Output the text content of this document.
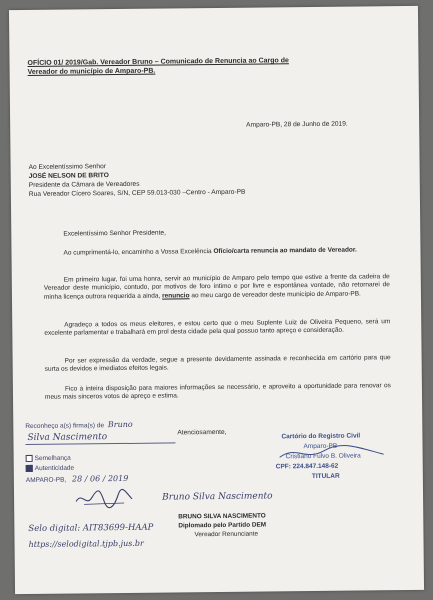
OFÍCIO 01/ 2019/Gab. Vereador Bruno – Comunicado de Renuncia ao Cargo de
Vereador do município de Amparo-PB.
Amparo-PB, 28 de Junho de 2019.
Ao Excelentíssimo Senhor
JOSÉ NELSON DE BRITO
Presidente da Câmara de Vereadores
Rua Vereador Cícero Soares, S/N, CEP 59.013-030 –Centro - Amparo-PB
Excelentíssimo Senhor Presidente,
Ao cumprimentá-lo, encaminho a Vossa Excelência Ofício/carta renuncia ao mandato de Vereador.
Em primeiro lugar, foi uma honra, servir ao município de Amparo pelo tempo que estive a frente da cadeira de Vereador deste município, contudo, por motivos de foro íntimo e por livre e espontânea vontade, não retornarei de minha licença outrora requerida a ainda, renuncio ao meu cargo de vereador deste município de Amparo-PB.
Agradeço a todos os meus eleitores, e estou certo que o meu Suplente Luiz de Oliveira Pequeno, será um excelente parlamentar e trabalhará em prol desta cidade pela qual possuo tanto apreço e consideração.
Por ser expressão da verdade, segue a presente devidamente assinada e reconhecida em cartório para que surta os devidos e imediatos efeitos legais.
Fico à inteira disposição para maiores informações se necessário, e aproveito a oportunidade para renovar os meus mais sinceros votos de apreço e estima.
Atenciosamente,
Reconheço a(s) firma(s) de Bruno
Silva Nascimento
Semelhança
Autenticidade
AMPARO-PB, 28 / 06 / 2019
Bruno Silva Nascimento
BRUNO SILVA NASCIMENTO
Diplomado pelo Partido DEM
Vereador Renunciante
Selo digital: AIT83699-HAAP
https://selodigital.tjpb.jus.br
Cartório do Registro Civil
Amparo-PB
Cristiano Fulvo B. Oliveira
CPF: 224.847.148-62
TITULAR
